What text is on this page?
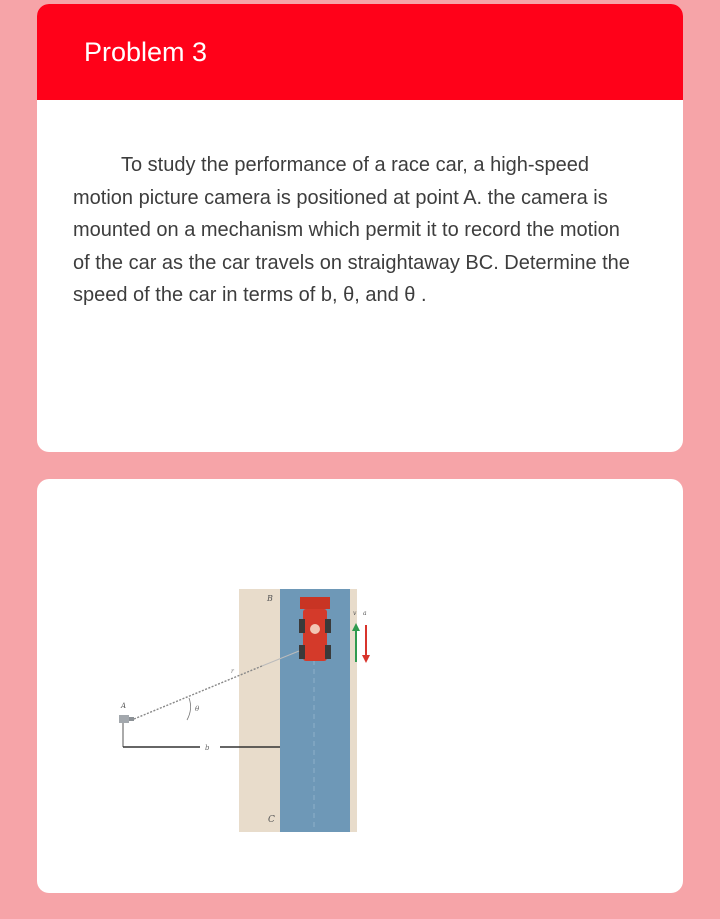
Problem 3

To study the performance of a race car, a high-speed motion picture camera is positioned at point A. the camera is mounted on a mechanism which permit it to record the motion of the car as the car travels on straightaway BC. Determine the speed of the car in terms of b, θ, and θ .

B
C
v a
A
r
θ
b
